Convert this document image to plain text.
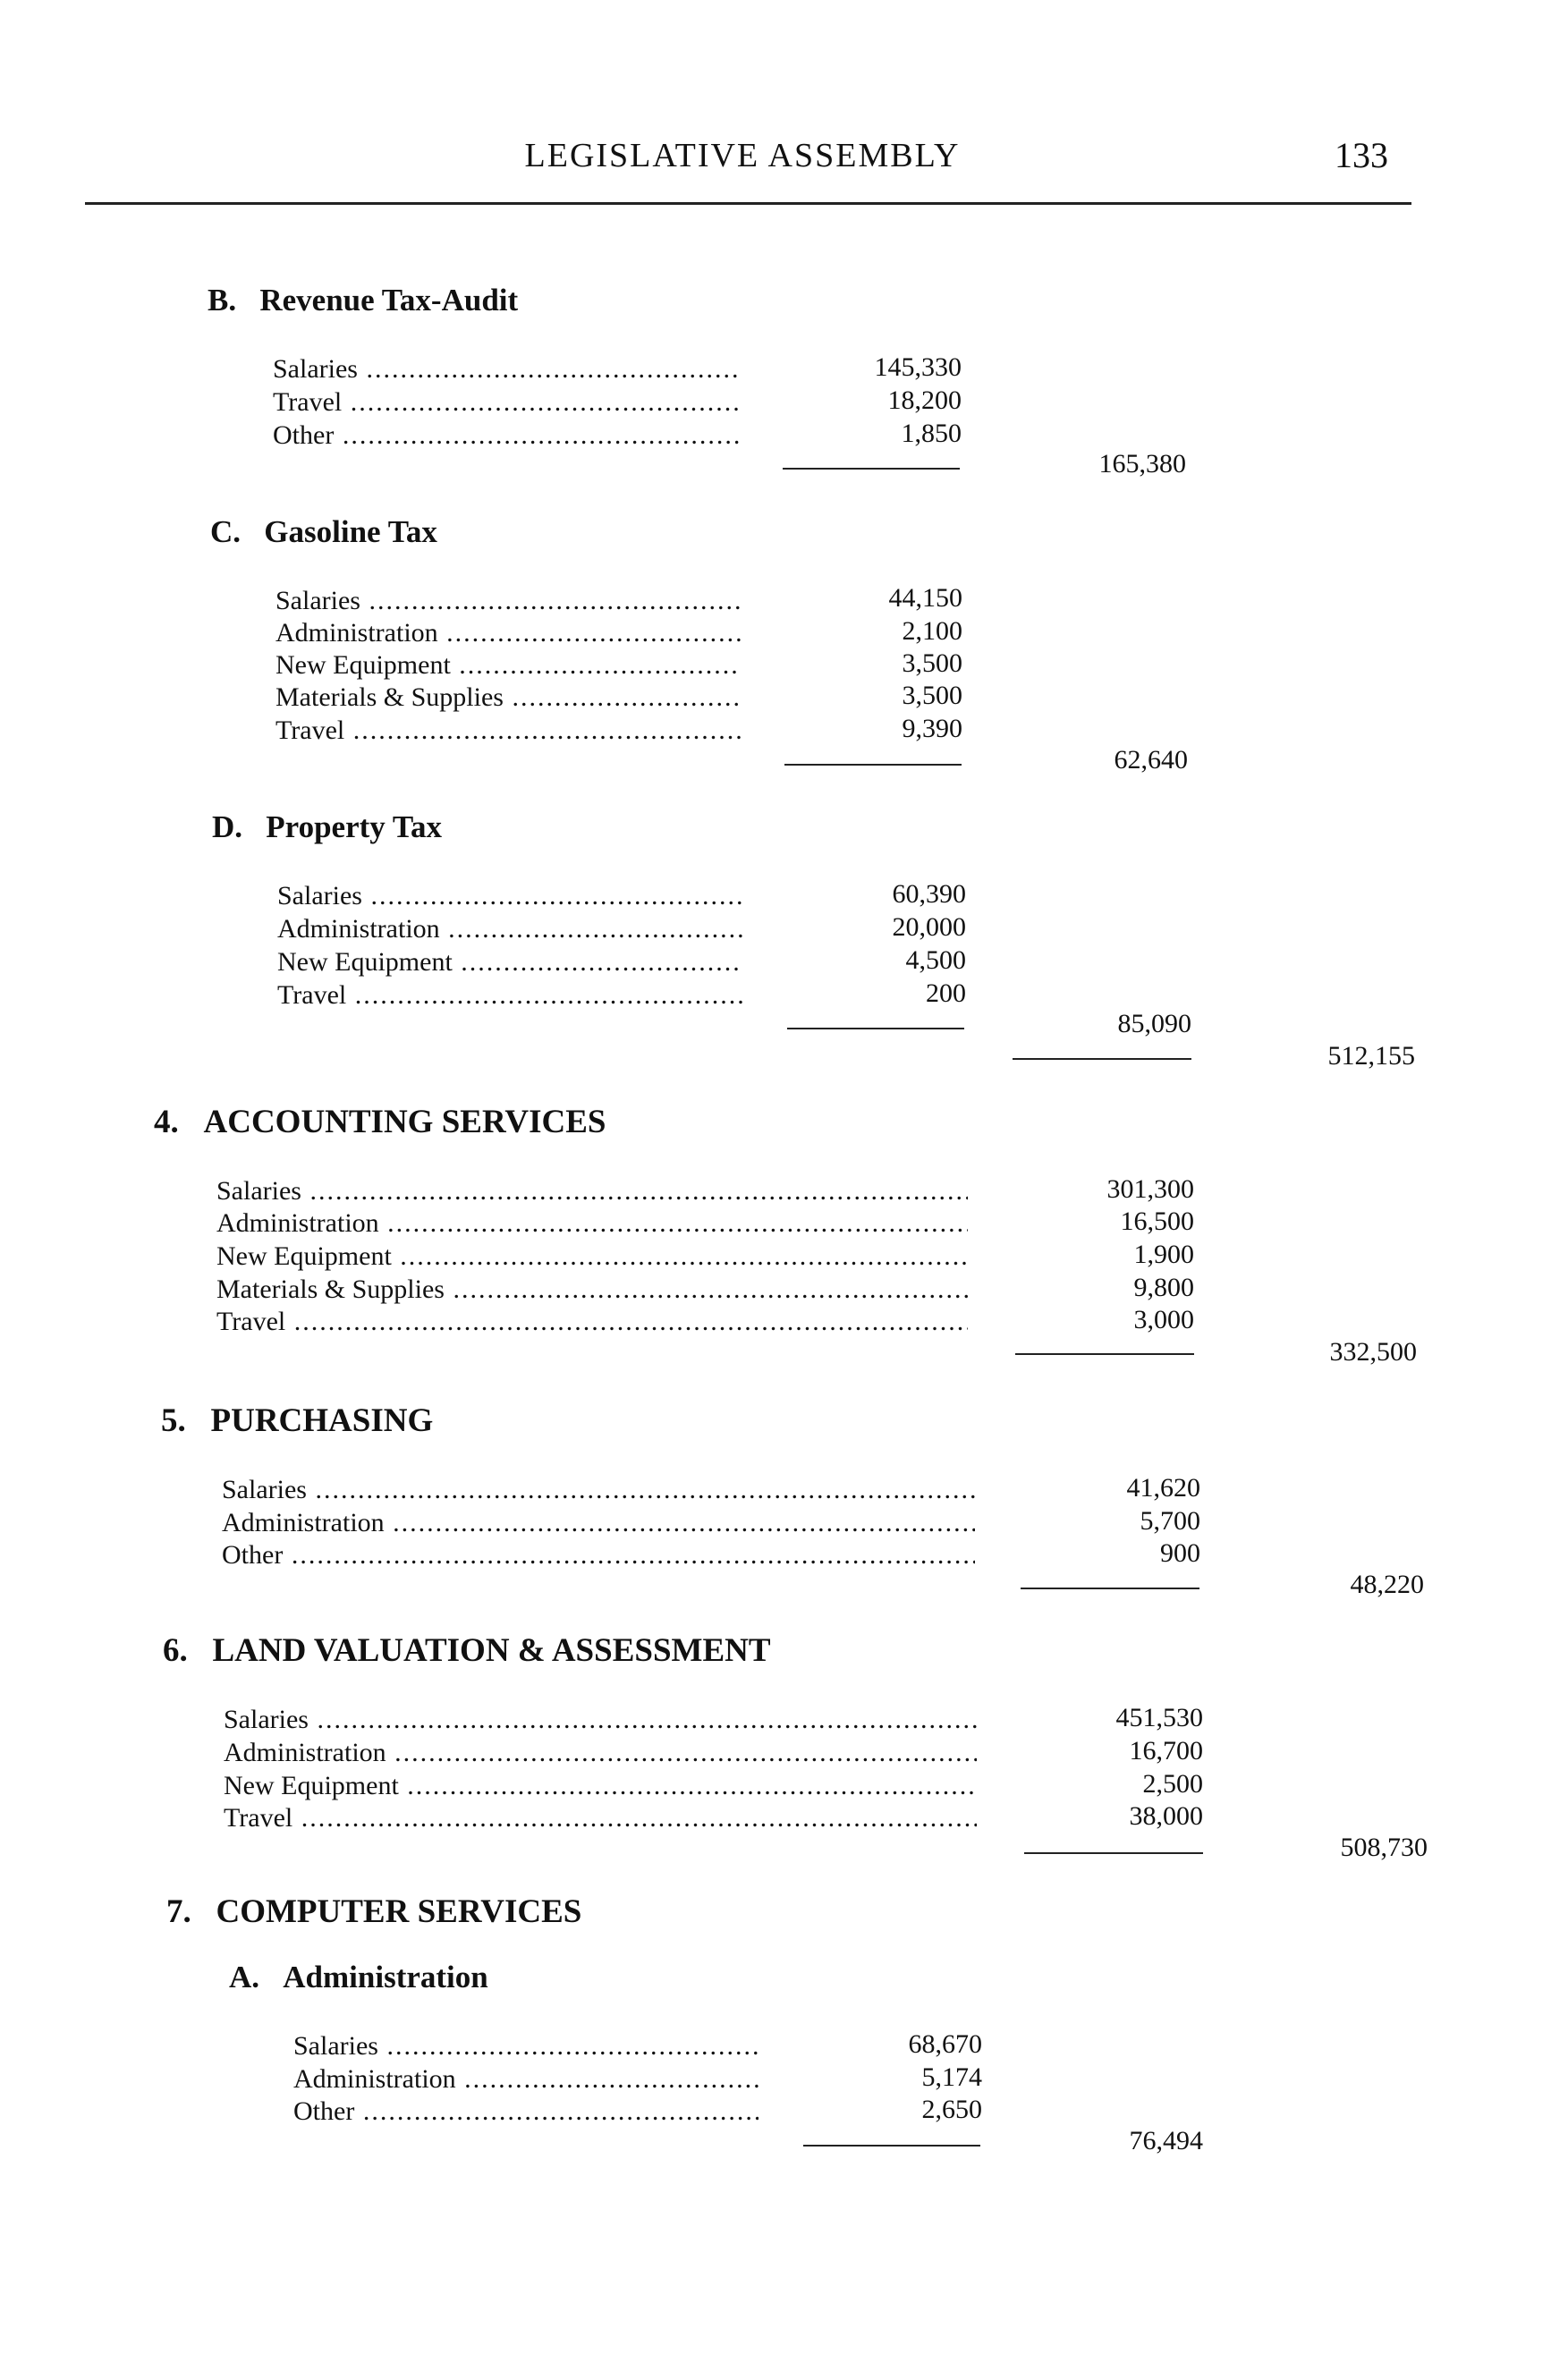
LEGISLATIVE ASSEMBLY	133
B. Revenue Tax-Audit
Salaries .....	145,330
Travel .....	18,200
Other .....	1,850
165,380
C. Gasoline Tax
Salaries .....	44,150
Administration .....	2,100
New Equipment .....	3,500
Materials & Supplies .....	3,500
Travel .....	9,390
62,640
D. Property Tax
Salaries .....	60,390
Administration .....	20,000
New Equipment .....	4,500
Travel .....	200
85,090
512,155
4. ACCOUNTING SERVICES
Salaries .....	301,300
Administration .....	16,500
New Equipment .....	1,900
Materials & Supplies .....	9,800
Travel .....	3,000
332,500
5. PURCHASING
Salaries .....	41,620
Administration .....	5,700
Other .....	900
48,220
6. LAND VALUATION & ASSESSMENT
Salaries .....	451,530
Administration .....	16,700
New Equipment .....	2,500
Travel .....	38,000
508,730
7. COMPUTER SERVICES
A. Administration
Salaries .....	68,670
Administration .....	5,174
Other .....	2,650
76,494
